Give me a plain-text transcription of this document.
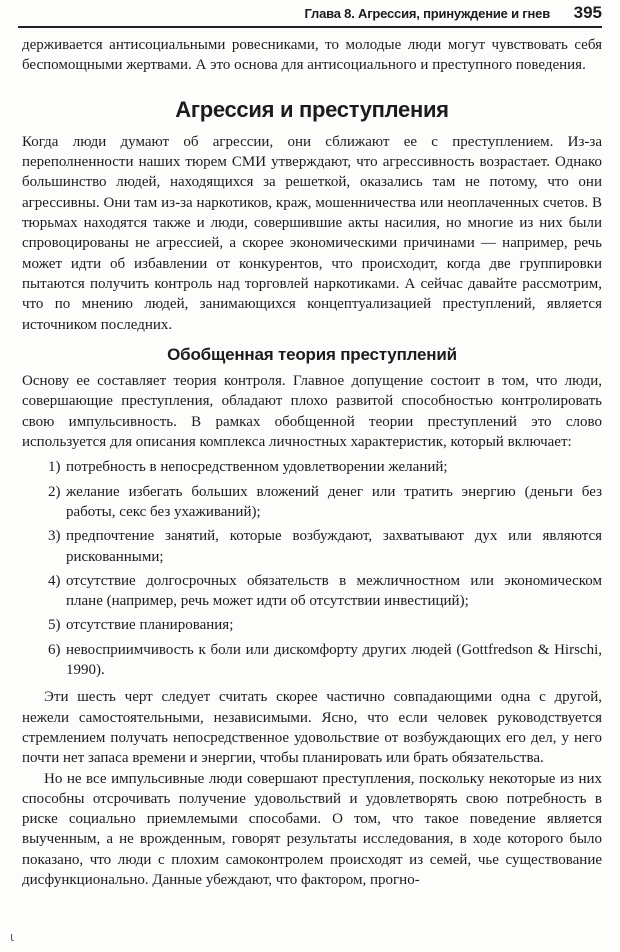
Глава 8. Агрессия, принуждение и гнев 395

держивается антисоциальными ровесниками, то молодые люди могут чувствовать себя беспомощными жертвами. А это основа для антисоциального и преступного поведения.

Агрессия и преступления

Когда люди думают об агрессии, они сближают ее с преступлением. Из-за переполненности наших тюрем СМИ утверждают, что агрессивность возрастает. Однако большинство людей, находящихся за решеткой, оказались там не потому, что они агрессивны. Они там из-за наркотиков, краж, мошенничества или неоплаченных счетов. В тюрьмах находятся также и люди, совершившие акты насилия, но многие из них были спровоцированы не агрессией, а скорее экономическими причинами — например, речь может идти об избавлении от конкурентов, что происходит, когда две группировки пытаются получить контроль над торговлей наркотиками. А сейчас давайте рассмотрим, что по мнению людей, занимающихся концептуализацией преступлений, является источником последних.

Обобщенная теория преступлений

Основу ее составляет теория контроля. Главное допущение состоит в том, что люди, совершающие преступления, обладают плохо развитой способностью контролировать свою импульсивность. В рамках обобщенной теории преступлений это слово используется для описания комплекса личностных характеристик, который включает:

1) потребность в непосредственном удовлетворении желаний;
2) желание избегать больших вложений денег или тратить энергию (деньги без работы, секс без ухаживаний);
3) предпочтение занятий, которые возбуждают, захватывают дух или являются рискованными;
4) отсутствие долгосрочных обязательств в межличностном или экономическом плане (например, речь может идти об отсутствии инвестиций);
5) отсутствие планирования;
6) невосприимчивость к боли или дискомфорту других людей (Gottfredson & Hirschi, 1990).

Эти шесть черт следует считать скорее частично совпадающими одна с другой, нежели самостоятельными, независимыми. Ясно, что если человек руководствуется стремлением получать непосредственное удовольствие от возбуждающих его дел, у него почти нет запаса времени и энергии, чтобы планировать или брать обязательства.

Но не все импульсивные люди совершают преступления, поскольку некоторые из них способны отсрочивать получение удовольствий и удовлетворять свою потребность в риске социально приемлемыми способами. О том, что такое поведение является выученным, а не врожденным, говорят результаты исследования, в ходе которого было показано, что люди с плохим самоконтролем происходят из семей, чье существование дисфункционально. Данные убеждают, что фактором, прогно-

ι
